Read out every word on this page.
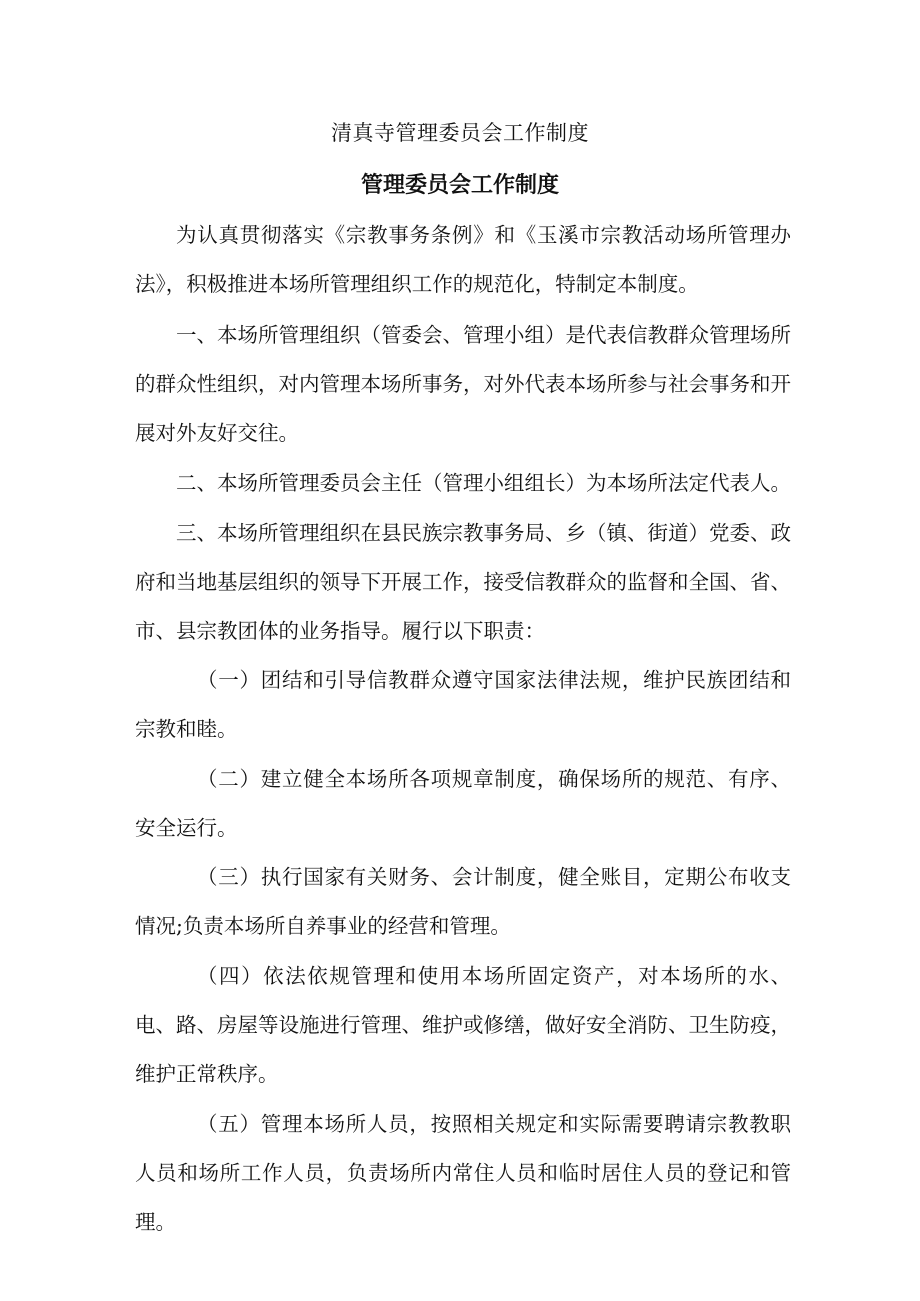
清真寺管理委员会工作制度
管理委员会工作制度

为认真贯彻落实《宗教事务条例》和《玉溪市宗教活动场所管理办法》，积极推进本场所管理组织工作的规范化，特制定本制度。

一、本场所管理组织（管委会、管理小组）是代表信教群众管理场所的群众性组织，对内管理本场所事务，对外代表本场所参与社会事务和开展对外友好交往。

二、本场所管理委员会主任（管理小组组长）为本场所法定代表人。

三、本场所管理组织在县民族宗教事务局、乡（镇、街道）党委、政府和当地基层组织的领导下开展工作，接受信教群众的监督和全国、省、市、县宗教团体的业务指导。履行以下职责：

（一）团结和引导信教群众遵守国家法律法规，维护民族团结和宗教和睦。

（二）建立健全本场所各项规章制度，确保场所的规范、有序、安全运行。

（三）执行国家有关财务、会计制度，健全账目，定期公布收支情况;负责本场所自养事业的经营和管理。

（四）依法依规管理和使用本场所固定资产，对本场所的水、电、路、房屋等设施进行管理、维护或修缮，做好安全消防、卫生防疫，维护正常秩序。

（五）管理本场所人员，按照相关规定和实际需要聘请宗教教职人员和场所工作人员，负责场所内常住人员和临时居住人员的登记和管理。
